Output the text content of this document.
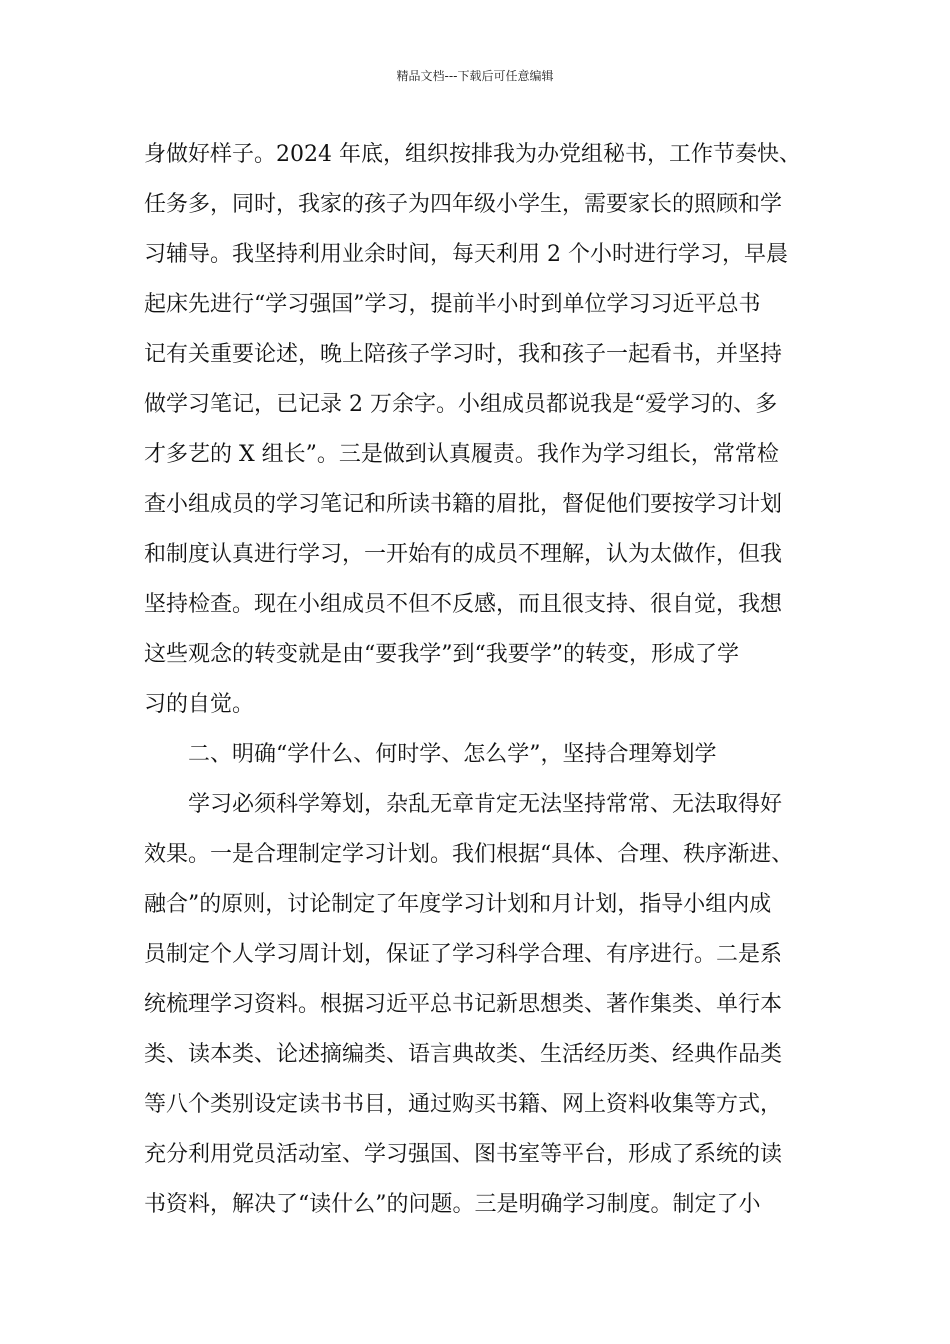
精品文档---下载后可任意编辑
身做好样子。2024 年底，组织按排我为办党组秘书，工作节奏快、
任务多，同时，我家的孩子为四年级小学生，需要家长的照顾和学
习辅导。我坚持利用业余时间，每天利用 2 个小时进行学习，早晨
起床先进行“学习强国”学习，提前半小时到单位学习习近平总书
记有关重要论述，晚上陪孩子学习时，我和孩子一起看书，并坚持
做学习笔记，已记录 2 万余字。小组成员都说我是“爱学习的、多
才多艺的 X 组长”。三是做到认真履责。我作为学习组长，常常检
查小组成员的学习笔记和所读书籍的眉批，督促他们要按学习计划
和制度认真进行学习，一开始有的成员不理解，认为太做作，但我
坚持检查。现在小组成员不但不反感，而且很支持、很自觉，我想
这些观念的转变就是由“要我学”到“我要学”的转变，形成了学
习的自觉。
　　二、明确“学什么、何时学、怎么学”，坚持合理筹划学
　　学习必须科学筹划，杂乱无章肯定无法坚持常常、无法取得好
效果。一是合理制定学习计划。我们根据“具体、合理、秩序渐进、
融合”的原则，讨论制定了年度学习计划和月计划，指导小组内成
员制定个人学习周计划，保证了学习科学合理、有序进行。二是系
统梳理学习资料。根据习近平总书记新思想类、著作集类、单行本
类、读本类、论述摘编类、语言典故类、生活经历类、经典作品类
等八个类别设定读书书目，通过购买书籍、网上资料收集等方式，
充分利用党员活动室、学习强国、图书室等平台，形成了系统的读
书资料，解决了“读什么”的问题。三是明确学习制度。制定了小
